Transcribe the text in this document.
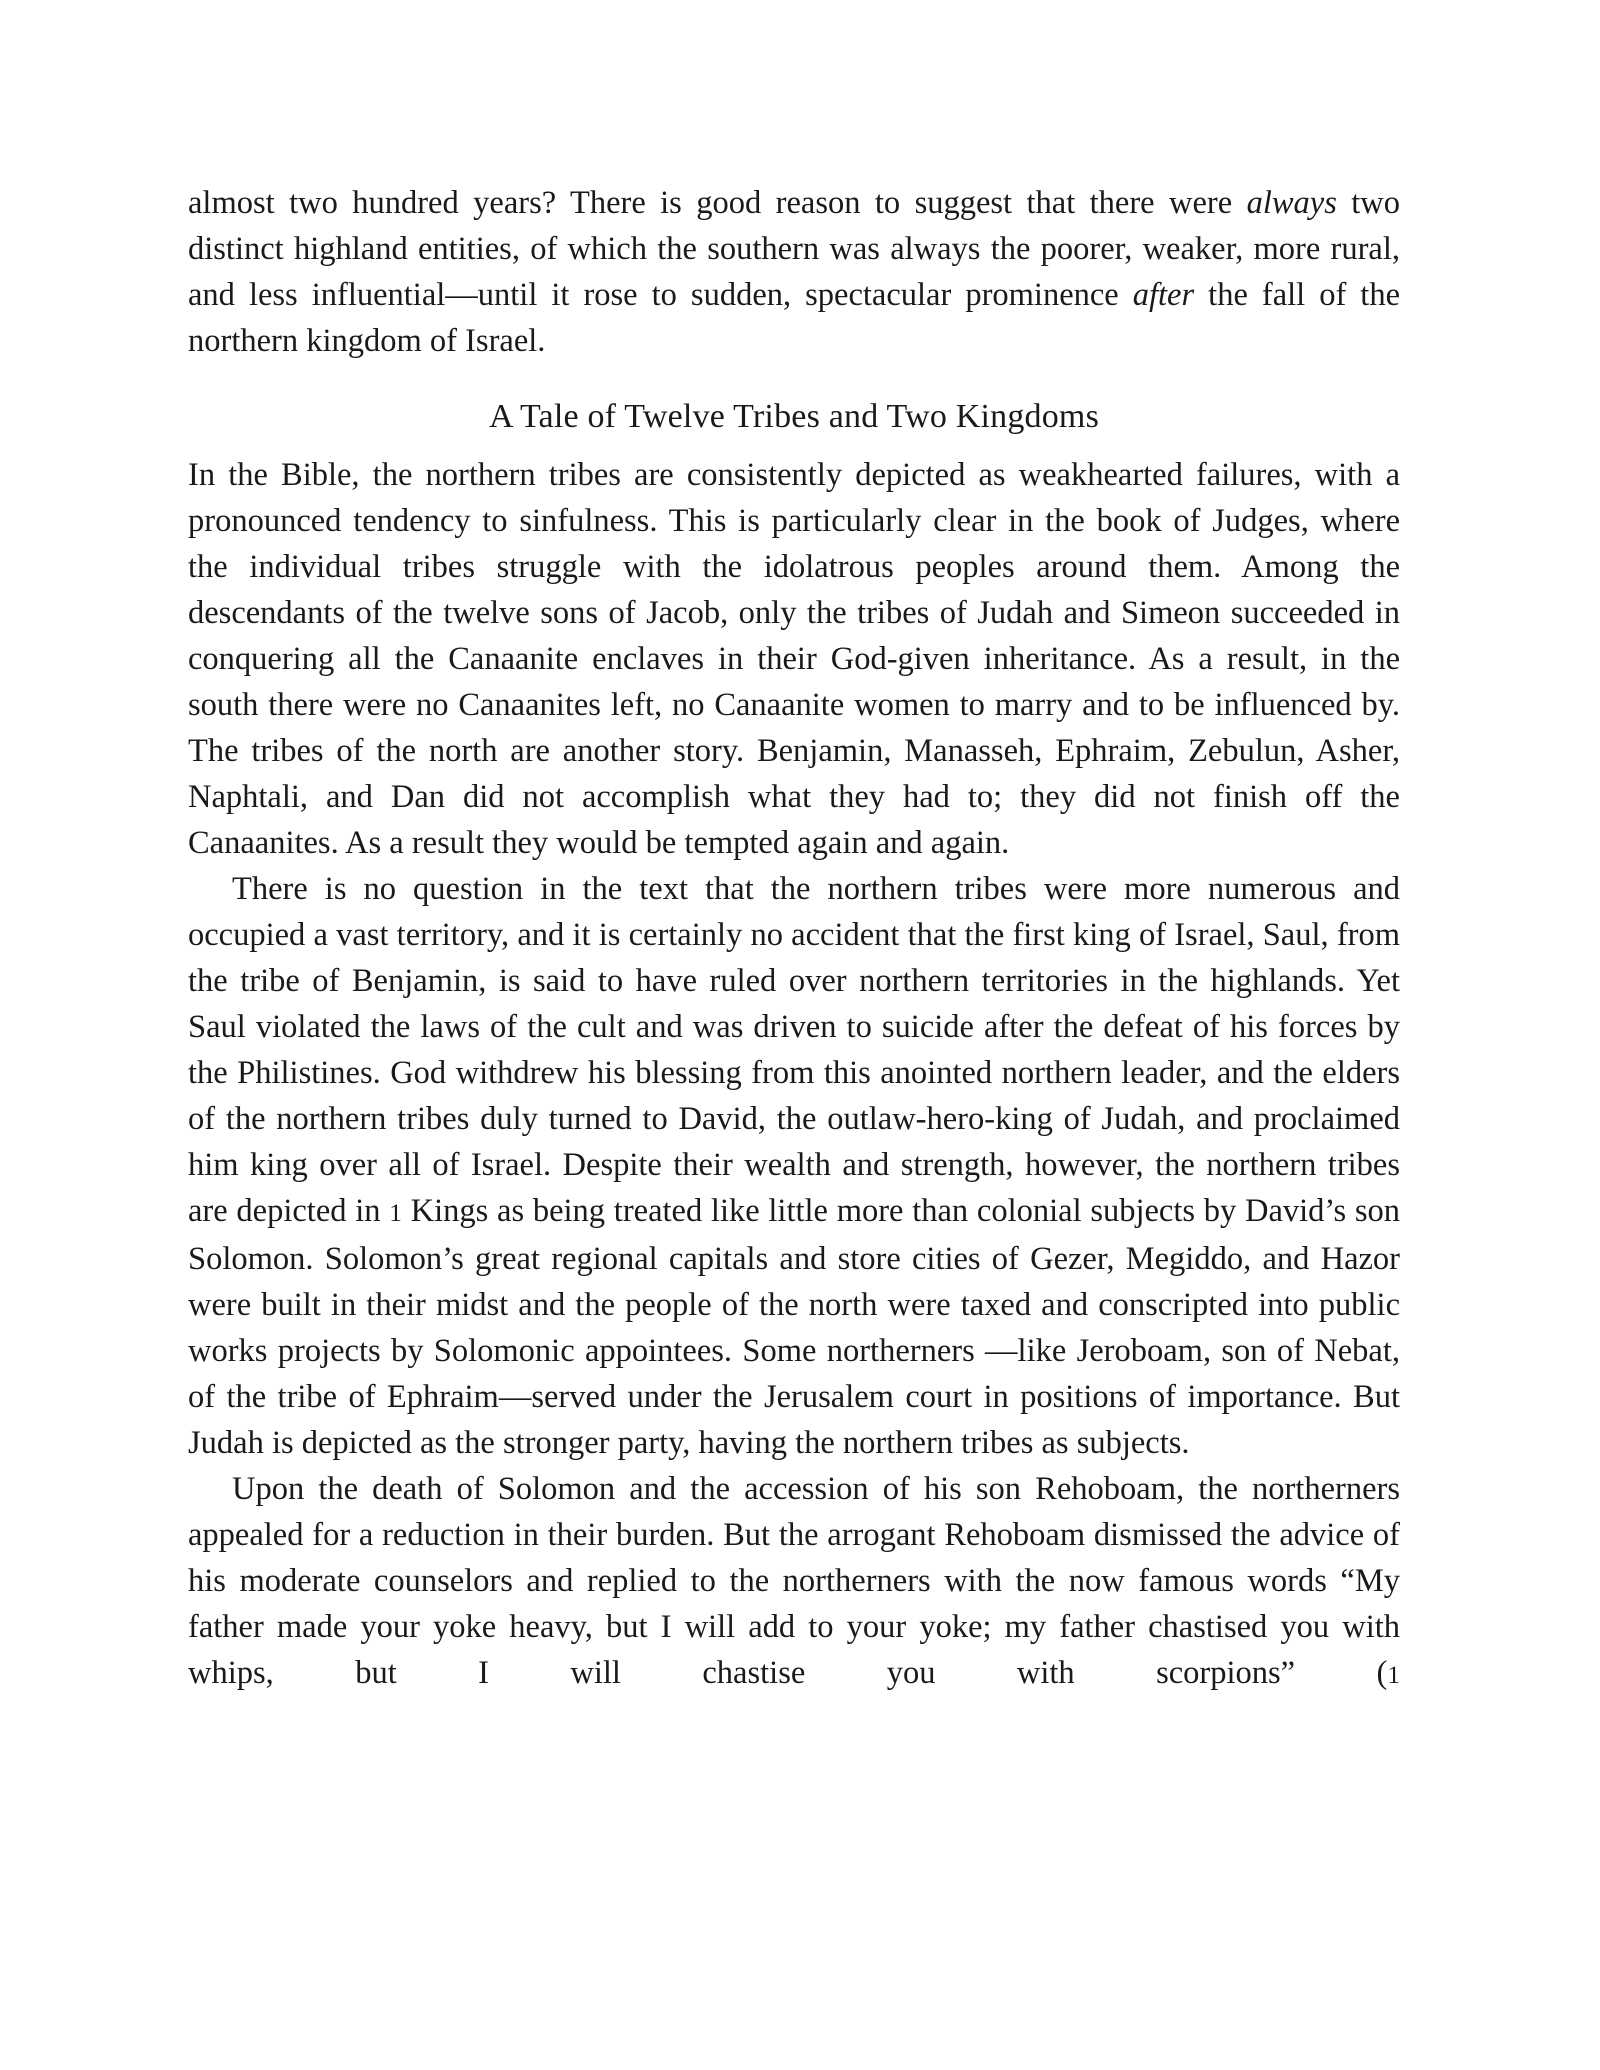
almost two hundred years? There is good reason to suggest that there were always two distinct highland entities, of which the southern was always the poorer, weaker, more rural, and less influential—until it rose to sudden, spectacular prominence after the fall of the northern kingdom of Israel.

A Tale of Twelve Tribes and Two Kingdoms

In the Bible, the northern tribes are consistently depicted as weakhearted failures, with a pronounced tendency to sinfulness. This is particularly clear in the book of Judges, where the individual tribes struggle with the idolatrous peoples around them. Among the descendants of the twelve sons of Jacob, only the tribes of Judah and Simeon succeeded in conquering all the Canaanite enclaves in their God-given inheritance. As a result, in the south there were no Canaanites left, no Canaanite women to marry and to be influenced by. The tribes of the north are another story. Benjamin, Manasseh, Ephraim, Zebulun, Asher, Naphtali, and Dan did not accomplish what they had to; they did not finish off the Canaanites. As a result they would be tempted again and again.

There is no question in the text that the northern tribes were more numerous and occupied a vast territory, and it is certainly no accident that the first king of Israel, Saul, from the tribe of Benjamin, is said to have ruled over northern territories in the highlands. Yet Saul violated the laws of the cult and was driven to suicide after the defeat of his forces by the Philistines. God withdrew his blessing from this anointed northern leader, and the elders of the northern tribes duly turned to David, the outlaw-hero-king of Judah, and proclaimed him king over all of Israel. Despite their wealth and strength, however, the northern tribes are depicted in 1 Kings as being treated like little more than colonial subjects by David’s son Solomon. Solomon’s great regional capitals and store cities of Gezer, Megiddo, and Hazor were built in their midst and the people of the north were taxed and conscripted into public works projects by Solomonic appointees. Some northerners —like Jeroboam, son of Nebat, of the tribe of Ephraim—served under the Jerusalem court in positions of importance. But Judah is depicted as the stronger party, having the northern tribes as subjects.

Upon the death of Solomon and the accession of his son Rehoboam, the northerners appealed for a reduction in their burden. But the arrogant Rehoboam dismissed the advice of his moderate counselors and replied to the northerners with the now famous words “My father made your yoke heavy, but I will add to your yoke; my father chastised you with whips, but I will chastise you with scorpions” (1
